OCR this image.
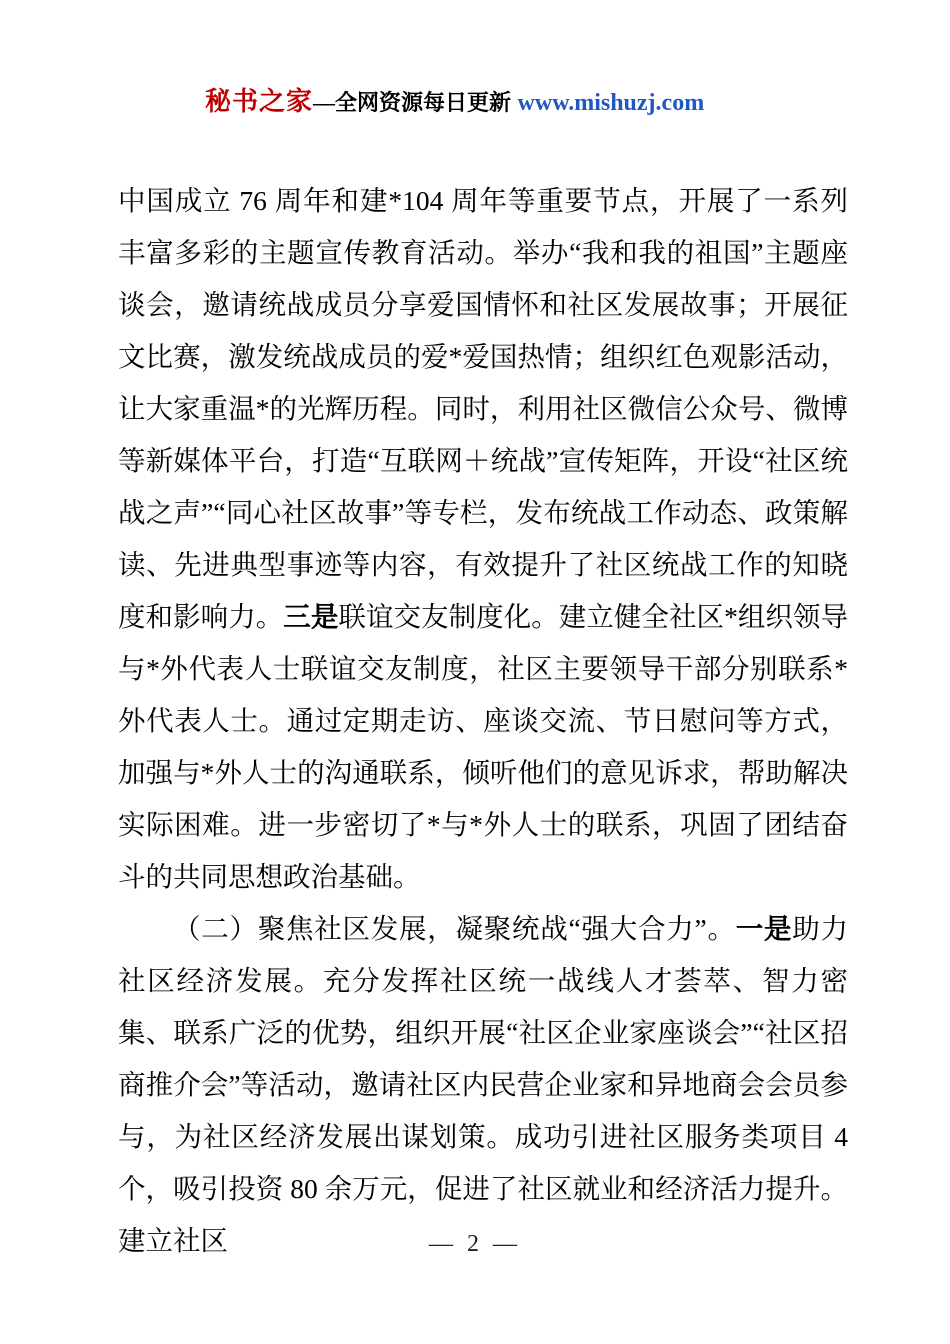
秘书之家—全网资源每日更新 www.mishuzj.com

中国成立 76 周年和建*104 周年等重要节点，开展了一系列丰富多彩的主题宣传教育活动。举办“我和我的祖国”主题座谈会，邀请统战成员分享爱国情怀和社区发展故事；开展征文比赛，激发统战成员的爱*爱国热情；组织红色观影活动，让大家重温*的光辉历程。同时，利用社区微信公众号、微博等新媒体平台，打造“互联网＋统战”宣传矩阵，开设“社区统战之声”“同心社区故事”等专栏，发布统战工作动态、政策解读、先进典型事迹等内容，有效提升了社区统战工作的知晓度和影响力。三是联谊交友制度化。建立健全社区*组织领导与*外代表人士联谊交友制度，社区主要领导干部分别联系*外代表人士。通过定期走访、座谈交流、节日慰问等方式，加强与*外人士的沟通联系，倾听他们的意见诉求，帮助解决实际困难。进一步密切了*与*外人士的联系，巩固了团结奋斗的共同思想政治基础。

（二）聚焦社区发展，凝聚统战“强大合力”。一是助力社区经济发展。充分发挥社区统一战线人才荟萃、智力密集、联系广泛的优势，组织开展“社区企业家座谈会”“社区招商推介会”等活动，邀请社区内民营企业家和异地商会会员参与，为社区经济发展出谋划策。成功引进社区服务类项目 4 个，吸引投资 80 余万元，促进了社区就业和经济活力提升。建立社区	— 2 —
